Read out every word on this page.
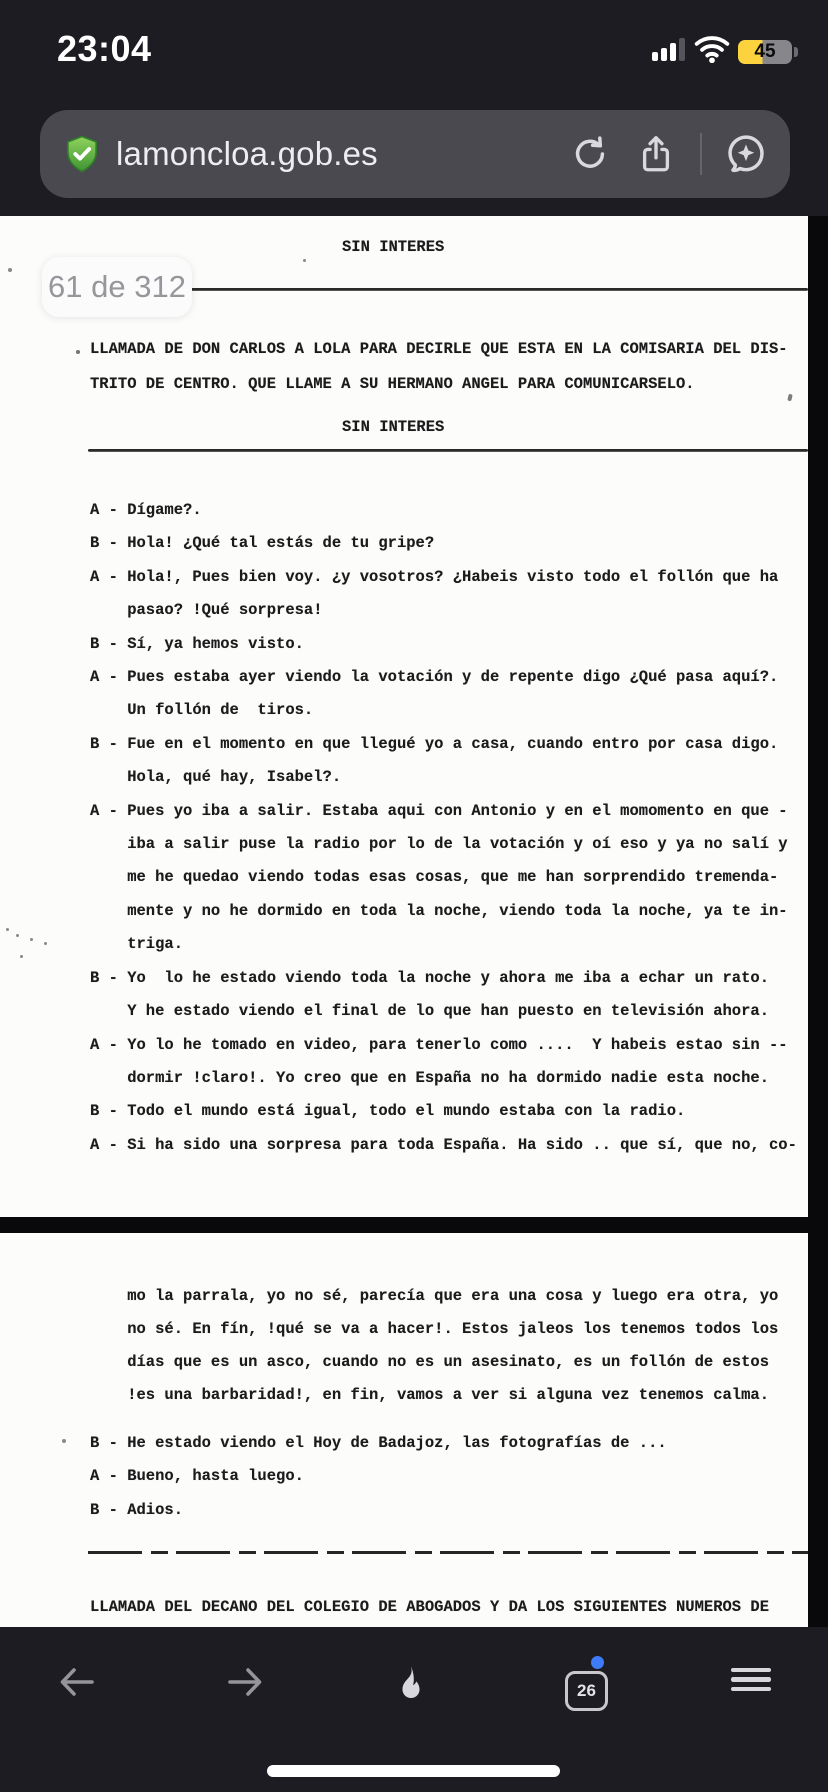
23:04	45
lamoncloa.gob.es
SIN INTERES
LLAMADA DE DON CARLOS A LOLA PARA DECIRLE QUE ESTA EN LA COMISARIA DEL DIS-
TRITO DE CENTRO. QUE LLAME A SU HERMANO ANGEL PARA COMUNICARSELO.
SIN INTERES
A - Dígame?.
B - Hola! ¿Qué tal estás de tu gripe?
A - Hola!, Pues bien voy. ¿y vosotros? ¿Habeis visto todo el follón que ha
pasao? !Qué sorpresa!
B - Sí, ya hemos visto.
A - Pues estaba ayer viendo la votación y de repente digo ¿Qué pasa aquí?.
Un follón de  tiros.
B - Fue en el momento en que llegué yo a casa, cuando entro por casa digo.
Hola, qué hay, Isabel?.
A - Pues yo iba a salir. Estaba aqui con Antonio y en el momomento en que -
iba a salir puse la radio por lo de la votación y oí eso y ya no salí y
me he quedao viendo todas esas cosas, que me han sorprendido tremenda-
mente y no he dormido en toda la noche, viendo toda la noche, ya te in-
triga.
B - Yo  lo he estado viendo toda la noche y ahora me iba a echar un rato.
Y he estado viendo el final de lo que han puesto en televisión ahora.
A - Yo lo he tomado en video, para tenerlo como ....  Y habeis estao sin --
dormir !claro!. Yo creo que en España no ha dormido nadie esta noche.
B - Todo el mundo está igual, todo el mundo estaba con la radio.
A - Si ha sido una sorpresa para toda España. Ha sido .. que sí, que no, co-
mo la parrala, yo no sé, parecía que era una cosa y luego era otra, yo
no sé. En fín, !qué se va a hacer!. Estos jaleos los tenemos todos los
días que es un asco, cuando no es un asesinato, es un follón de estos
!es una barbaridad!, en fin, vamos a ver si alguna vez tenemos calma.
B - He estado viendo el Hoy de Badajoz, las fotografías de ...
A - Bueno, hasta luego.
B - Adios.
LLAMADA DEL DECANO DEL COLEGIO DE ABOGADOS Y DA LOS SIGUIENTES NUMEROS DE
61 de 312
26
